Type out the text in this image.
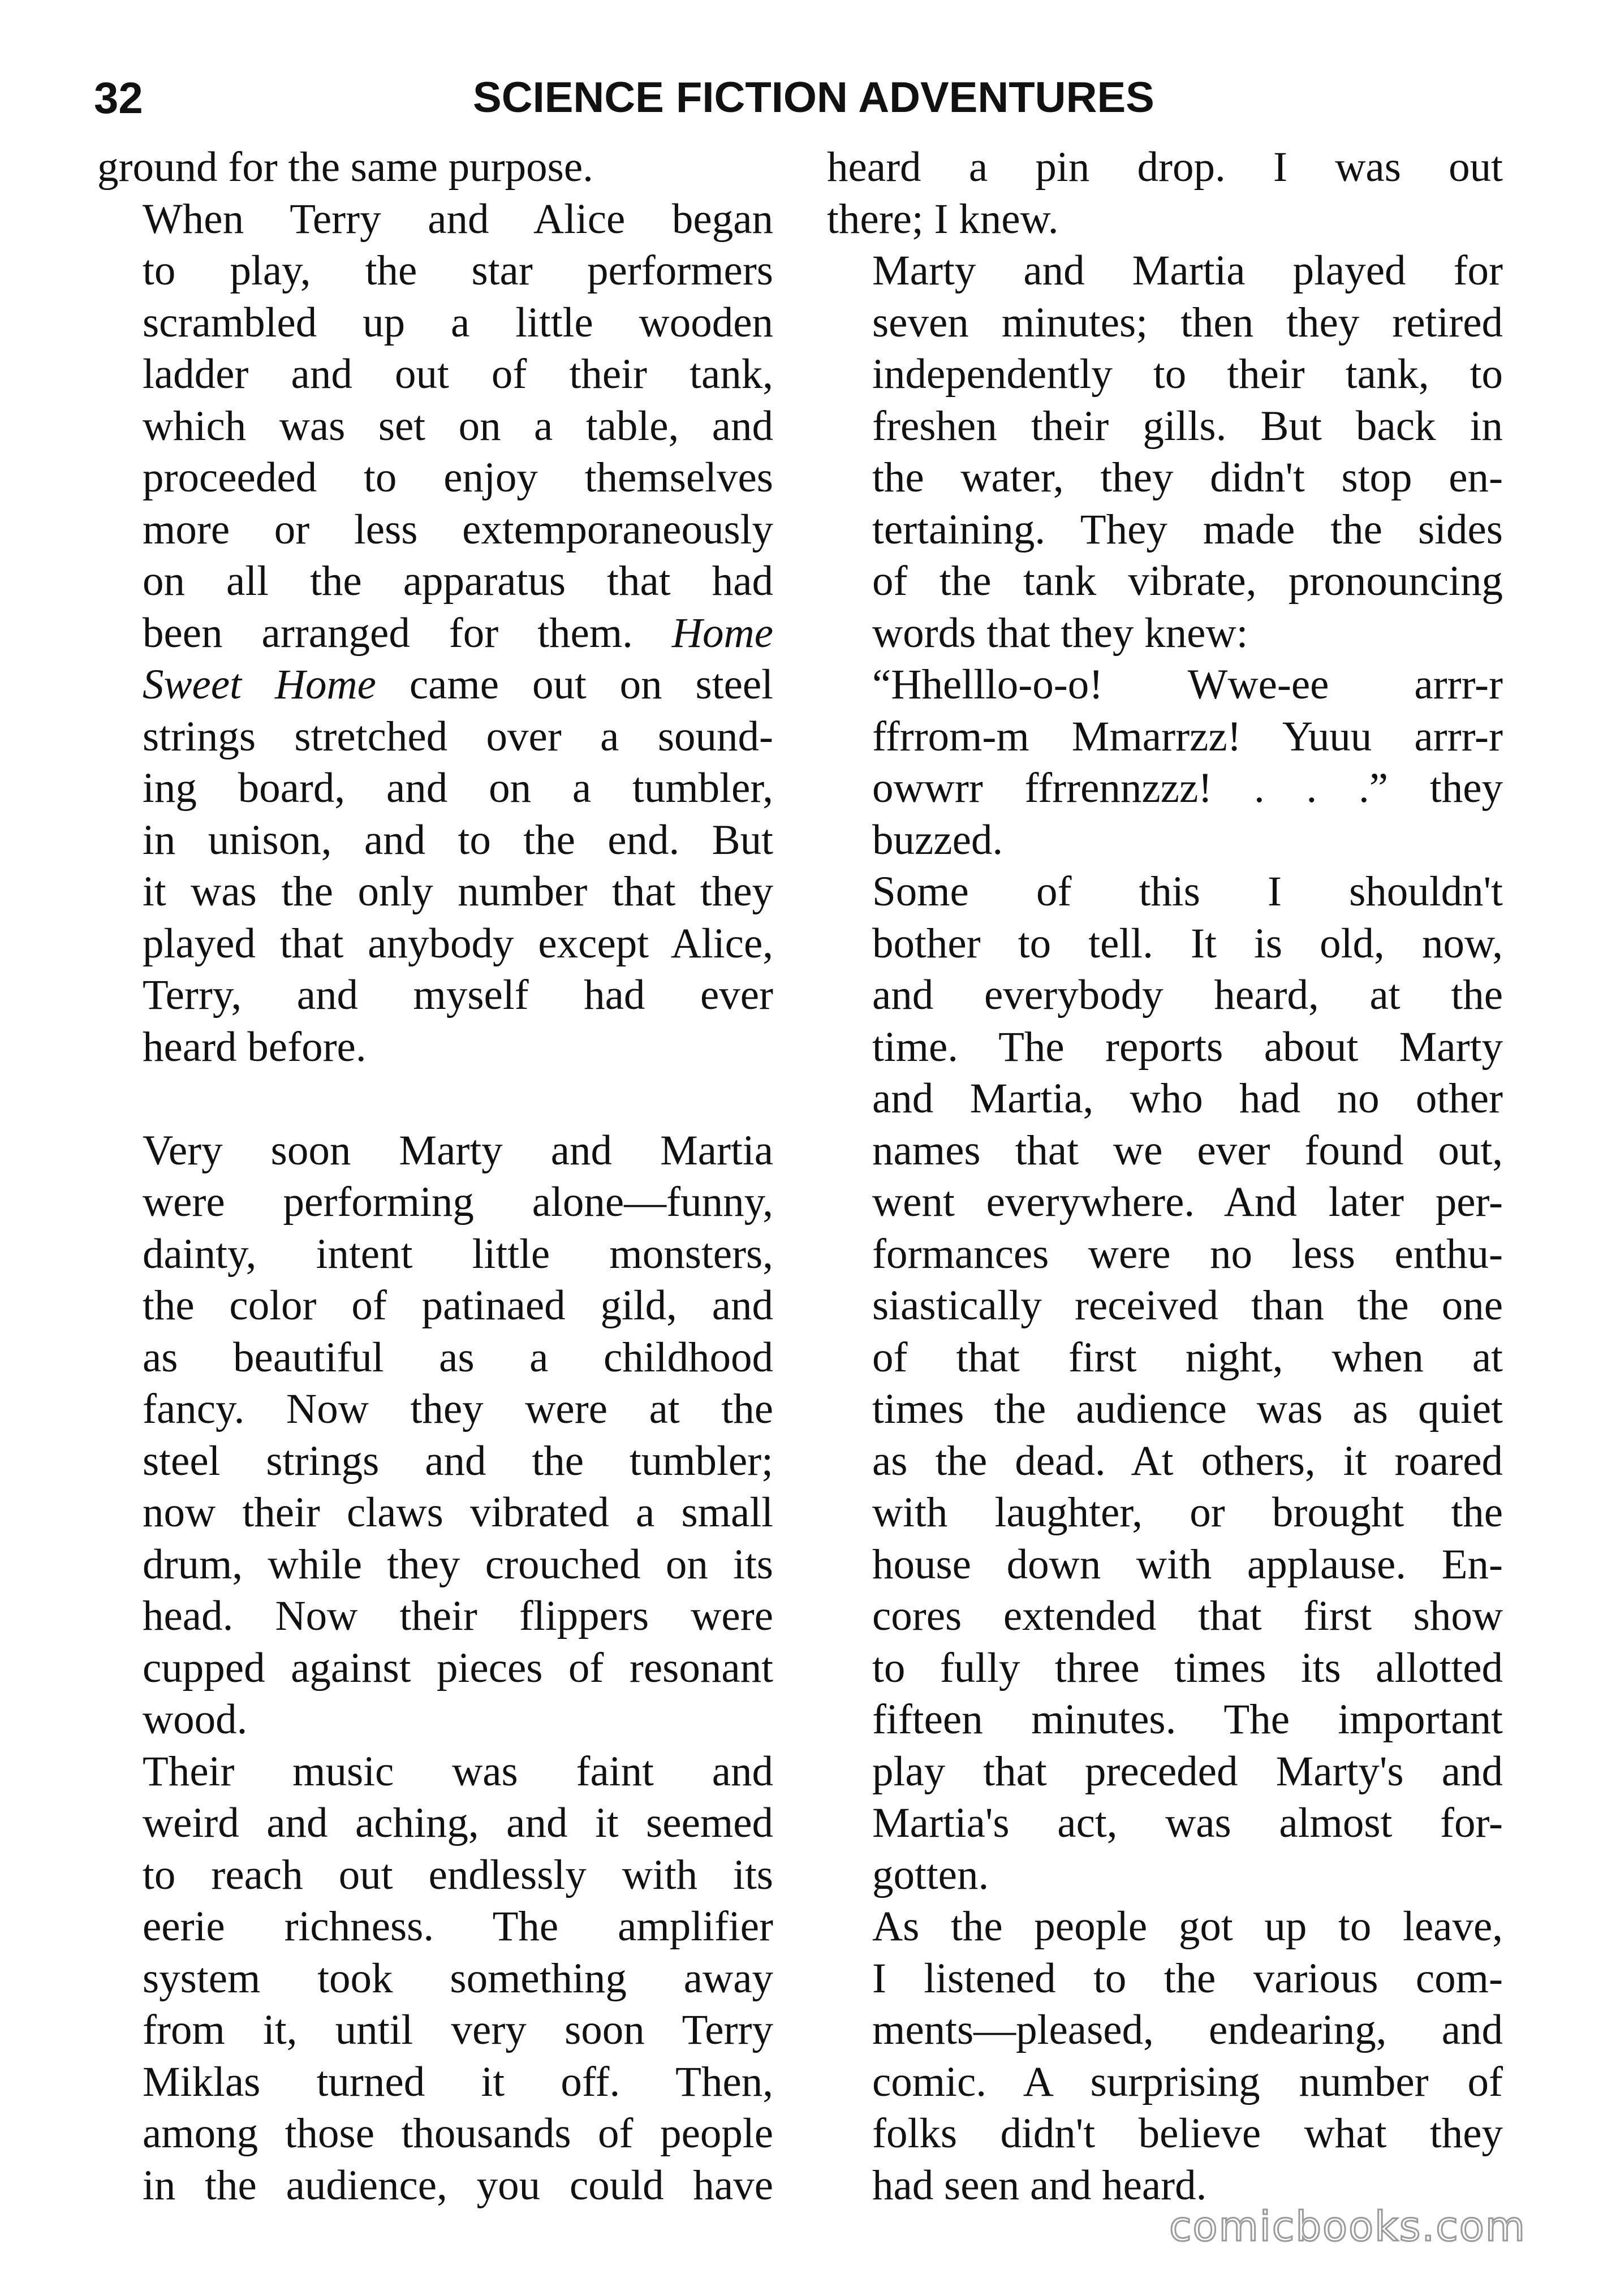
32	SCIENCE FICTION ADVENTURES

ground for the same purpose.

When Terry and Alice began
to play, the star performers
scrambled up a little wooden
ladder and out of their tank,
which was set on a table, and
proceeded to enjoy themselves
more or less extemporaneously
on all the apparatus that had
been arranged for them. Home
Sweet Home came out on steel
strings stretched over a sound-
ing board, and on a tumbler,
in unison, and to the end. But
it was the only number that they
played that anybody except Alice,
Terry, and myself had ever
heard before.

Very soon Marty and Martia
were performing alone—funny,
dainty, intent little monsters,
the color of patinaed gild, and
as beautiful as a childhood
fancy. Now they were at the
steel strings and the tumbler;
now their claws vibrated a small
drum, while they crouched on its
head. Now their flippers were
cupped against pieces of resonant
wood.

Their music was faint and
weird and aching, and it seemed
to reach out endlessly with its
eerie richness. The amplifier
system took something away
from it, until very soon Terry
Miklas turned it off. Then,
among those thousands of people
in the audience, you could have

heard a pin drop. I was out
there; I knew.

Marty and Martia played for
seven minutes; then they retired
independently to their tank, to
freshen their gills. But back in
the water, they didn't stop en-
tertaining. They made the sides
of the tank vibrate, pronouncing
words that they knew:

“Hhelllo-o-o! Wwe-ee arrr-r
ffrrom-m Mmarrzz! Yuuu arrr-r
owwrr ffrrennzzz! . . .” they
buzzed.

Some of this I shouldn't
bother to tell. It is old, now,
and everybody heard, at the
time. The reports about Marty
and Martia, who had no other
names that we ever found out,
went everywhere. And later per-
formances were no less enthu-
siastically received than the one
of that first night, when at
times the audience was as quiet
as the dead. At others, it roared
with laughter, or brought the
house down with applause. En-
cores extended that first show
to fully three times its allotted
fifteen minutes. The important
play that preceded Marty's and
Martia's act, was almost for-
gotten.

As the people got up to leave,
I listened to the various com-
ments—pleased, endearing, and
comic. A surprising number of
folks didn't believe what they
had seen and heard.

comicbooks.com
